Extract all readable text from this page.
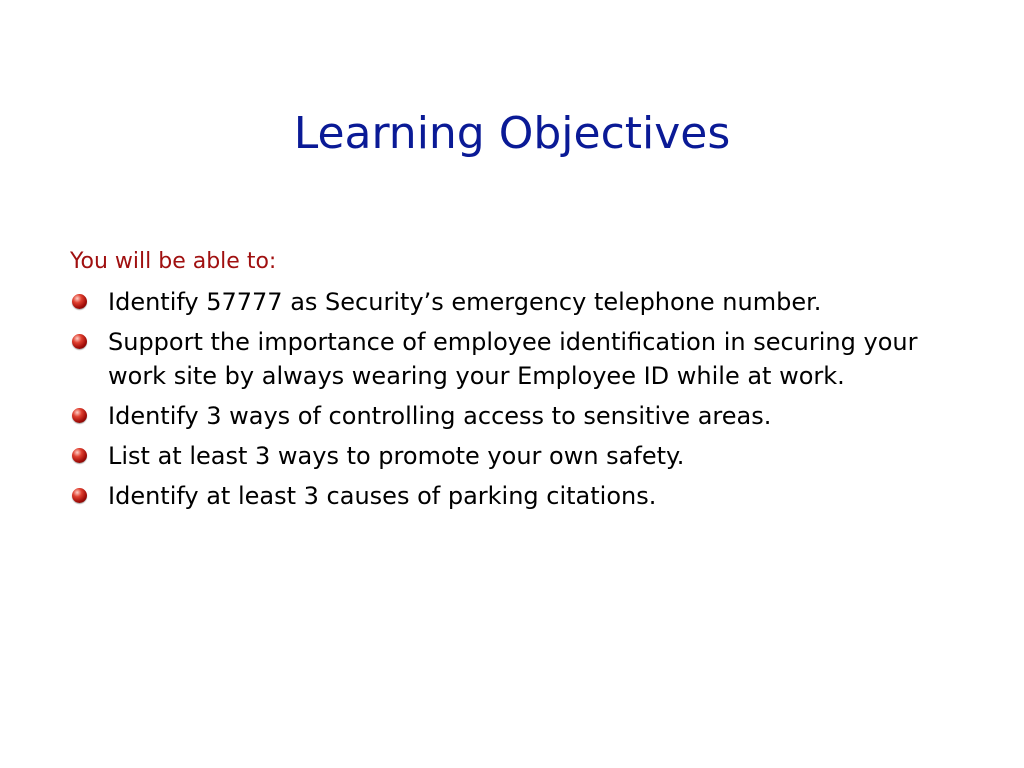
Learning Objectives

You will be able to:

Identify 57777 as Security’s emergency telephone number.
Support the importance of employee identification in securing your work site by always wearing your Employee ID while at work.
Identify 3 ways of controlling access to sensitive areas.
List at least 3 ways to promote your own safety.
Identify at least 3 causes of parking citations.
